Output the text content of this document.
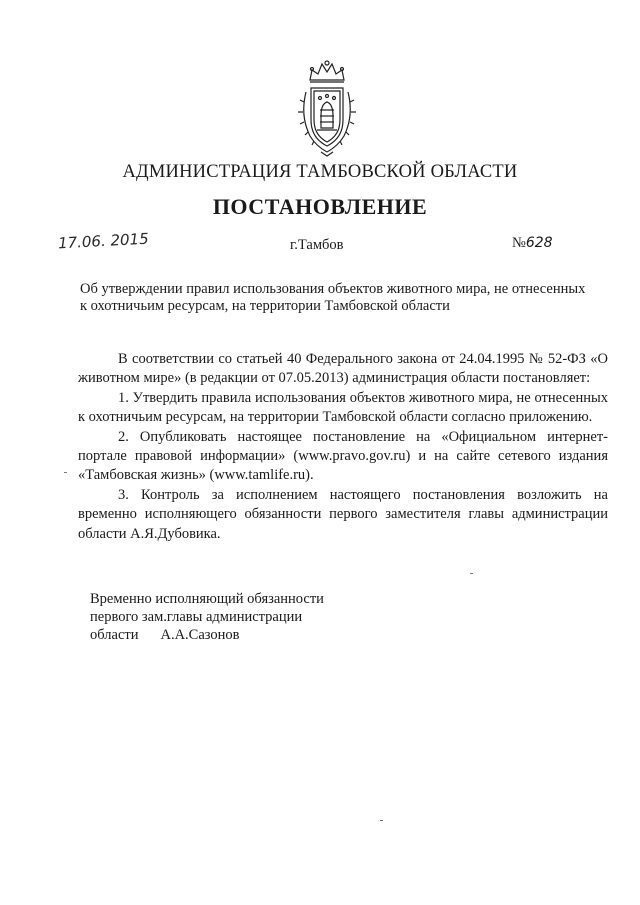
АДМИНИСТРАЦИЯ ТАМБОВСКОЙ ОБЛАСТИ
ПОСТАНОВЛЕНИЕ
17.06. 2015	г.Тамбов	№628
Об утверждении правил использования объектов животного мира, не отнесенных к охотничьим ресурсам, на территории Тамбовской области

В соответствии со статьей 40 Федерального закона от 24.04.1995 № 52-ФЗ «О животном мире» (в редакции от 07.05.2013) администрация области постановляет:

1. Утвердить правила использования объектов животного мира, не отнесенных к охотничьим ресурсам, на территории Тамбовской области согласно приложению.

2. Опубликовать настоящее постановление на «Официальном интернет-портале правовой информации» (www.pravo.gov.ru) и на сайте сетевого издания «Тамбовская жизнь» (www.tamlife.ru).

3. Контроль за исполнением настоящего постановления возложить на временно исполняющего обязанности первого заместителя главы администрации области А.Я.Дубовика.

Временно исполняющий обязанности
первого зам.главы администрации
области А.А.Сазонов
